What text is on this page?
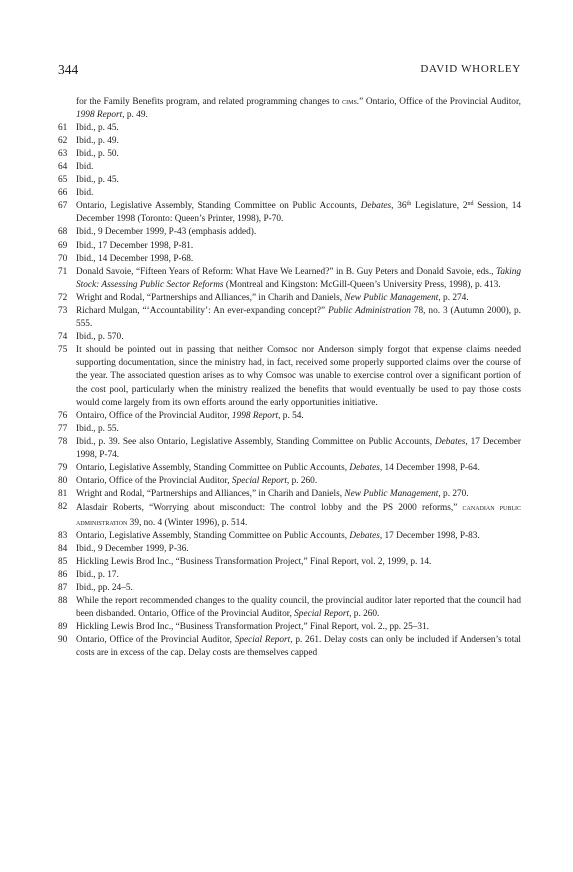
344	DAVID WHORLEY
for the Family Benefits program, and related programming changes to cims.” Ontario, Office of the Provincial Auditor, 1998 Report, p. 49.
61 Ibid., p. 45.
62 Ibid., p. 49.
63 Ibid., p. 50.
64 Ibid.
65 Ibid., p. 45.
66 Ibid.
67 Ontario, Legislative Assembly, Standing Committee on Public Accounts, Debates, 36th Legislature, 2nd Session, 14 December 1998 (Toronto: Queen’s Printer, 1998), P-70.
68 Ibid., 9 December 1999, P-43 (emphasis added).
69 Ibid., 17 December 1998, P-81.
70 Ibid., 14 December 1998, P-68.
71 Donald Savoie, “Fifteen Years of Reform: What Have We Learned?” in B. Guy Peters and Donald Savoie, eds., Taking Stock: Assessing Public Sector Reforms (Montreal and Kingston: McGill-Queen’s University Press, 1998), p. 413.
72 Wright and Rodal, “Partnerships and Alliances,” in Charih and Daniels, New Public Management, p. 274.
73 Richard Mulgan, “‘Accountability’: An ever-expanding concept?” Public Administration 78, no. 3 (Autumn 2000), p. 555.
74 Ibid., p. 570.
75 It should be pointed out in passing that neither Comsoc nor Anderson simply forgot that expense claims needed supporting documentation, since the ministry had, in fact, received some properly supported claims over the course of the year. The associated question arises as to why Comsoc was unable to exercise control over a significant portion of the cost pool, particularly when the ministry realized the benefits that would eventually be used to pay those costs would come largely from its own efforts around the early opportunities initiative.
76 Ontairo, Office of the Provincial Auditor, 1998 Report, p. 54.
77 Ibid., p. 55.
78 Ibid., p. 39. See also Ontario, Legislative Assembly, Standing Committee on Public Accounts, Debates, 17 December 1998, P-74.
79 Ontario, Legislative Assembly, Standing Committee on Public Accounts, Debates, 14 December 1998, P-64.
80 Ontario, Office of the Provincial Auditor, Special Report, p. 260.
81 Wright and Rodal, “Partnerships and Alliances,” in Charih and Daniels, New Public Management, p. 270.
82 Alasdair Roberts, “Worrying about misconduct: The control lobby and the PS 2000 reforms,” canadian public administration 39, no. 4 (Winter 1996), p. 514.
83 Ontario, Legislative Assembly, Standing Committee on Public Accounts, Debates, 17 December 1998, P-83.
84 Ibid., 9 December 1999, P-36.
85 Hickling Lewis Brod Inc., “Business Transformation Project,” Final Report, vol. 2, 1999, p. 14.
86 Ibid., p. 17.
87 Ibid., pp. 24–5.
88 While the report recommended changes to the quality council, the provincial auditor later reported that the council had been disbanded. Ontario, Office of the Provincial Auditor, Special Report, p. 260.
89 Hickling Lewis Brod Inc., “Business Transformation Project,” Final Report, vol. 2., pp. 25–31.
90 Ontario, Office of the Provincial Auditor, Special Report, p. 261. Delay costs can only be included if Andersen’s total costs are in excess of the cap. Delay costs are themselves capped
